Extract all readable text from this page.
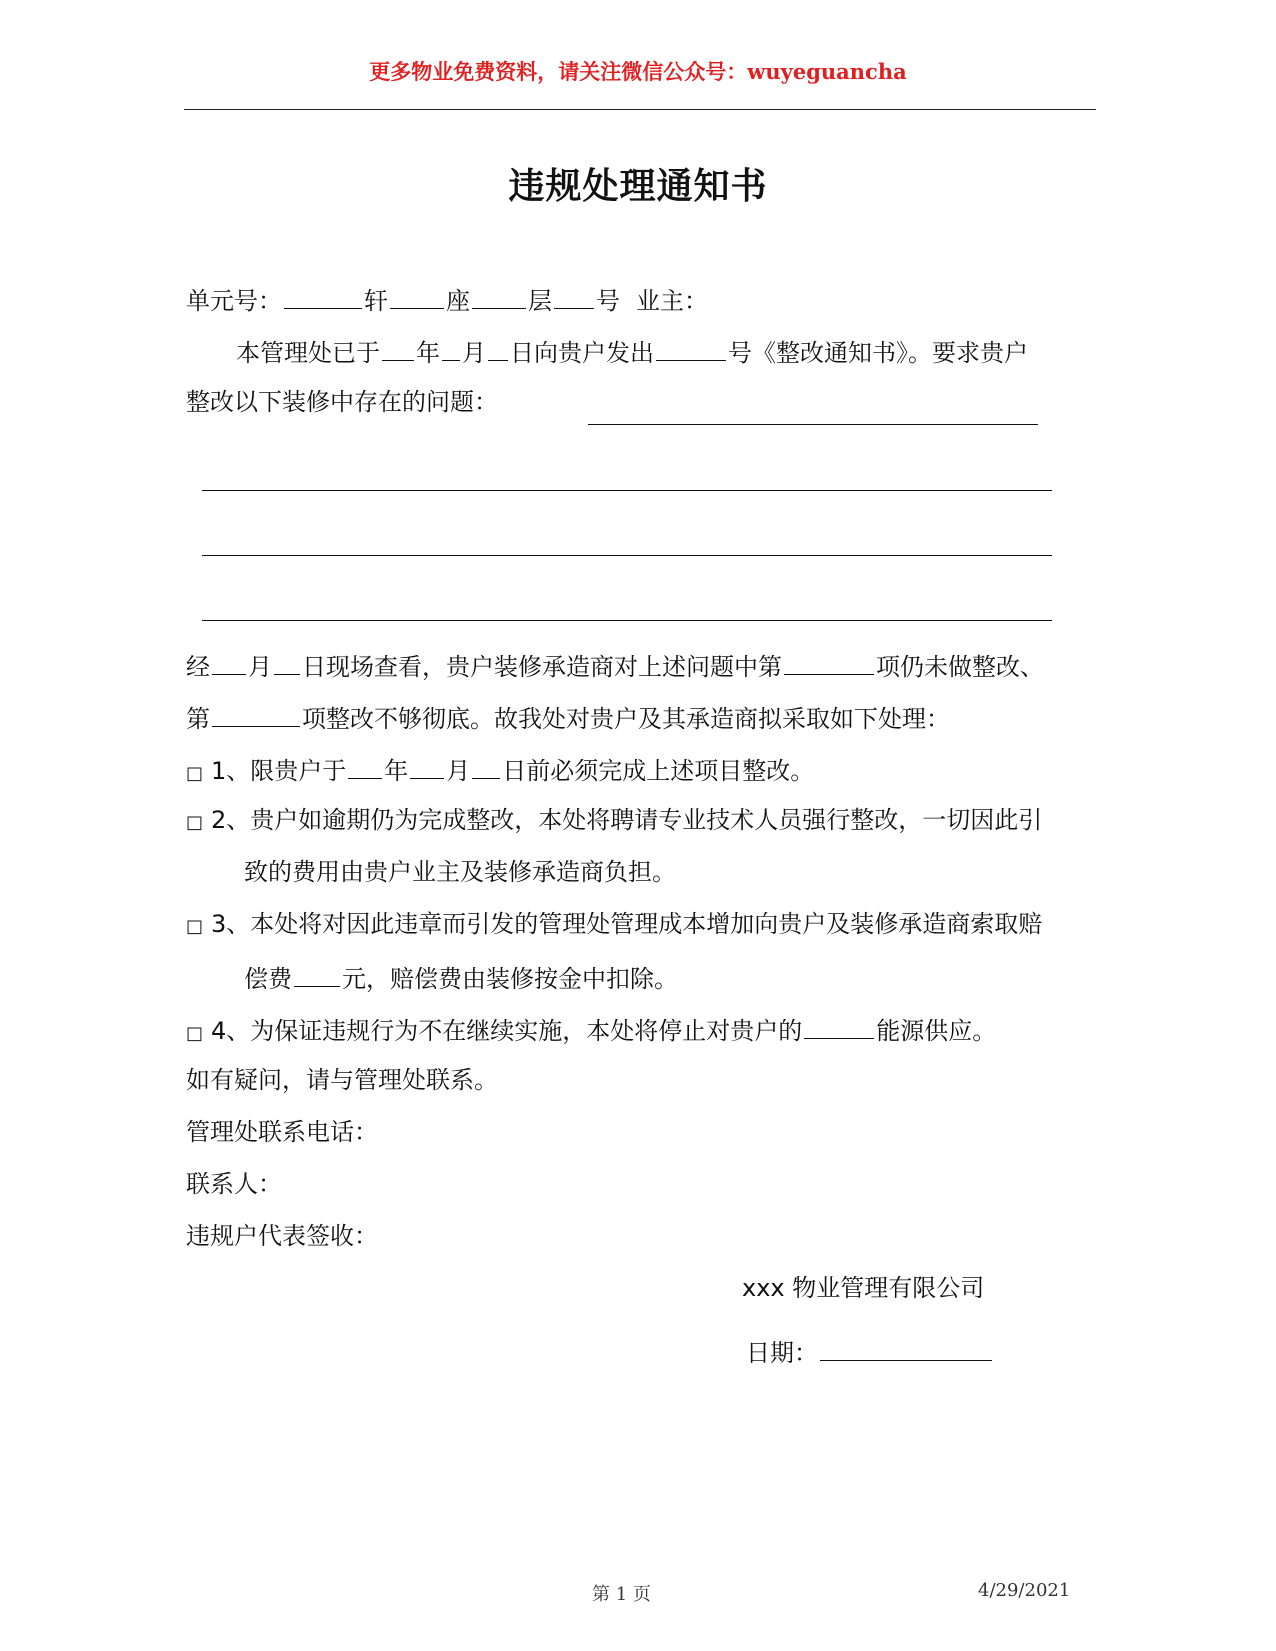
更多物业免费资料，请关注微信公众号：wuyeguancha
违规处理通知书
单元号：	轩 座 层 号 业主：
本管理处已于 年 月 日向贵户发出	号《整改通知书》。要求贵户
整改以下装修中存在的问题：
经 月 日现场查看，贵户装修承造商对上述问题中第	项仍未做整改、
第	项整改不够彻底。故我处对贵户及其承造商拟采取如下处理：
□ 1、限贵户于 年 月 日前必须完成上述项目整改。
□ 2、贵户如逾期仍为完成整改，本处将聘请专业技术人员强行整改，一切因此引
致的费用由贵户业主及装修承造商负担。
□ 3、本处将对因此违章而引发的管理处管理成本增加向贵户及装修承造商索取赔
偿费 元，赔偿费由装修按金中扣除。
□ 4、为保证违规行为不在继续实施，本处将停止对贵户的	能源供应。
如有疑问，请与管理处联系。
管理处联系电话：
联系人：
违规户代表签收：
xxx 物业管理有限公司
日期：
第 1 页	4/29/2021
